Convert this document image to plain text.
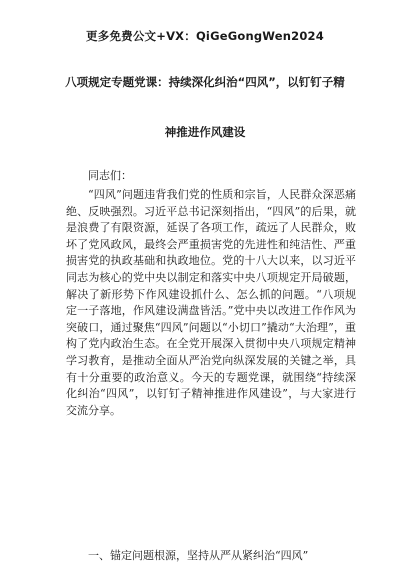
更多免费公文+VX：QiGeGongWen2024
八项规定专题党课：持续深化纠治“四风”，以钉钉子精
神推进作风建设
同志们：

“四风”问题违背我们党的性质和宗旨，人民群众深恶痛绝、反映强烈。习近平总书记深刻指出，“四风”的后果，就是浪费了有限资源，延误了各项工作，疏远了人民群众，败坏了党风政风，最终会严重损害党的先进性和纯洁性、严重损害党的执政基础和执政地位。党的十八大以来，以习近平同志为核心的党中央以制定和落实中央八项规定开局破题，解决了新形势下作风建设抓什么、怎么抓的问题。“八项规定一子落地，作风建设满盘皆活。”党中央以改进工作作风为突破口，通过聚焦“四风”问题以“小切口”撬动“大治理”，重构了党内政治生态。在全党开展深入贯彻中央八项规定精神学习教育，是推动全面从严治党向纵深发展的关键之举，具有十分重要的政治意义。今天的专题党课，就围绕“持续深化纠治“四风”，以钉钉子精神推进作风建设”，与大家进行交流分享。

一、锚定问题根源，坚持从严从紧纠治“四风”
